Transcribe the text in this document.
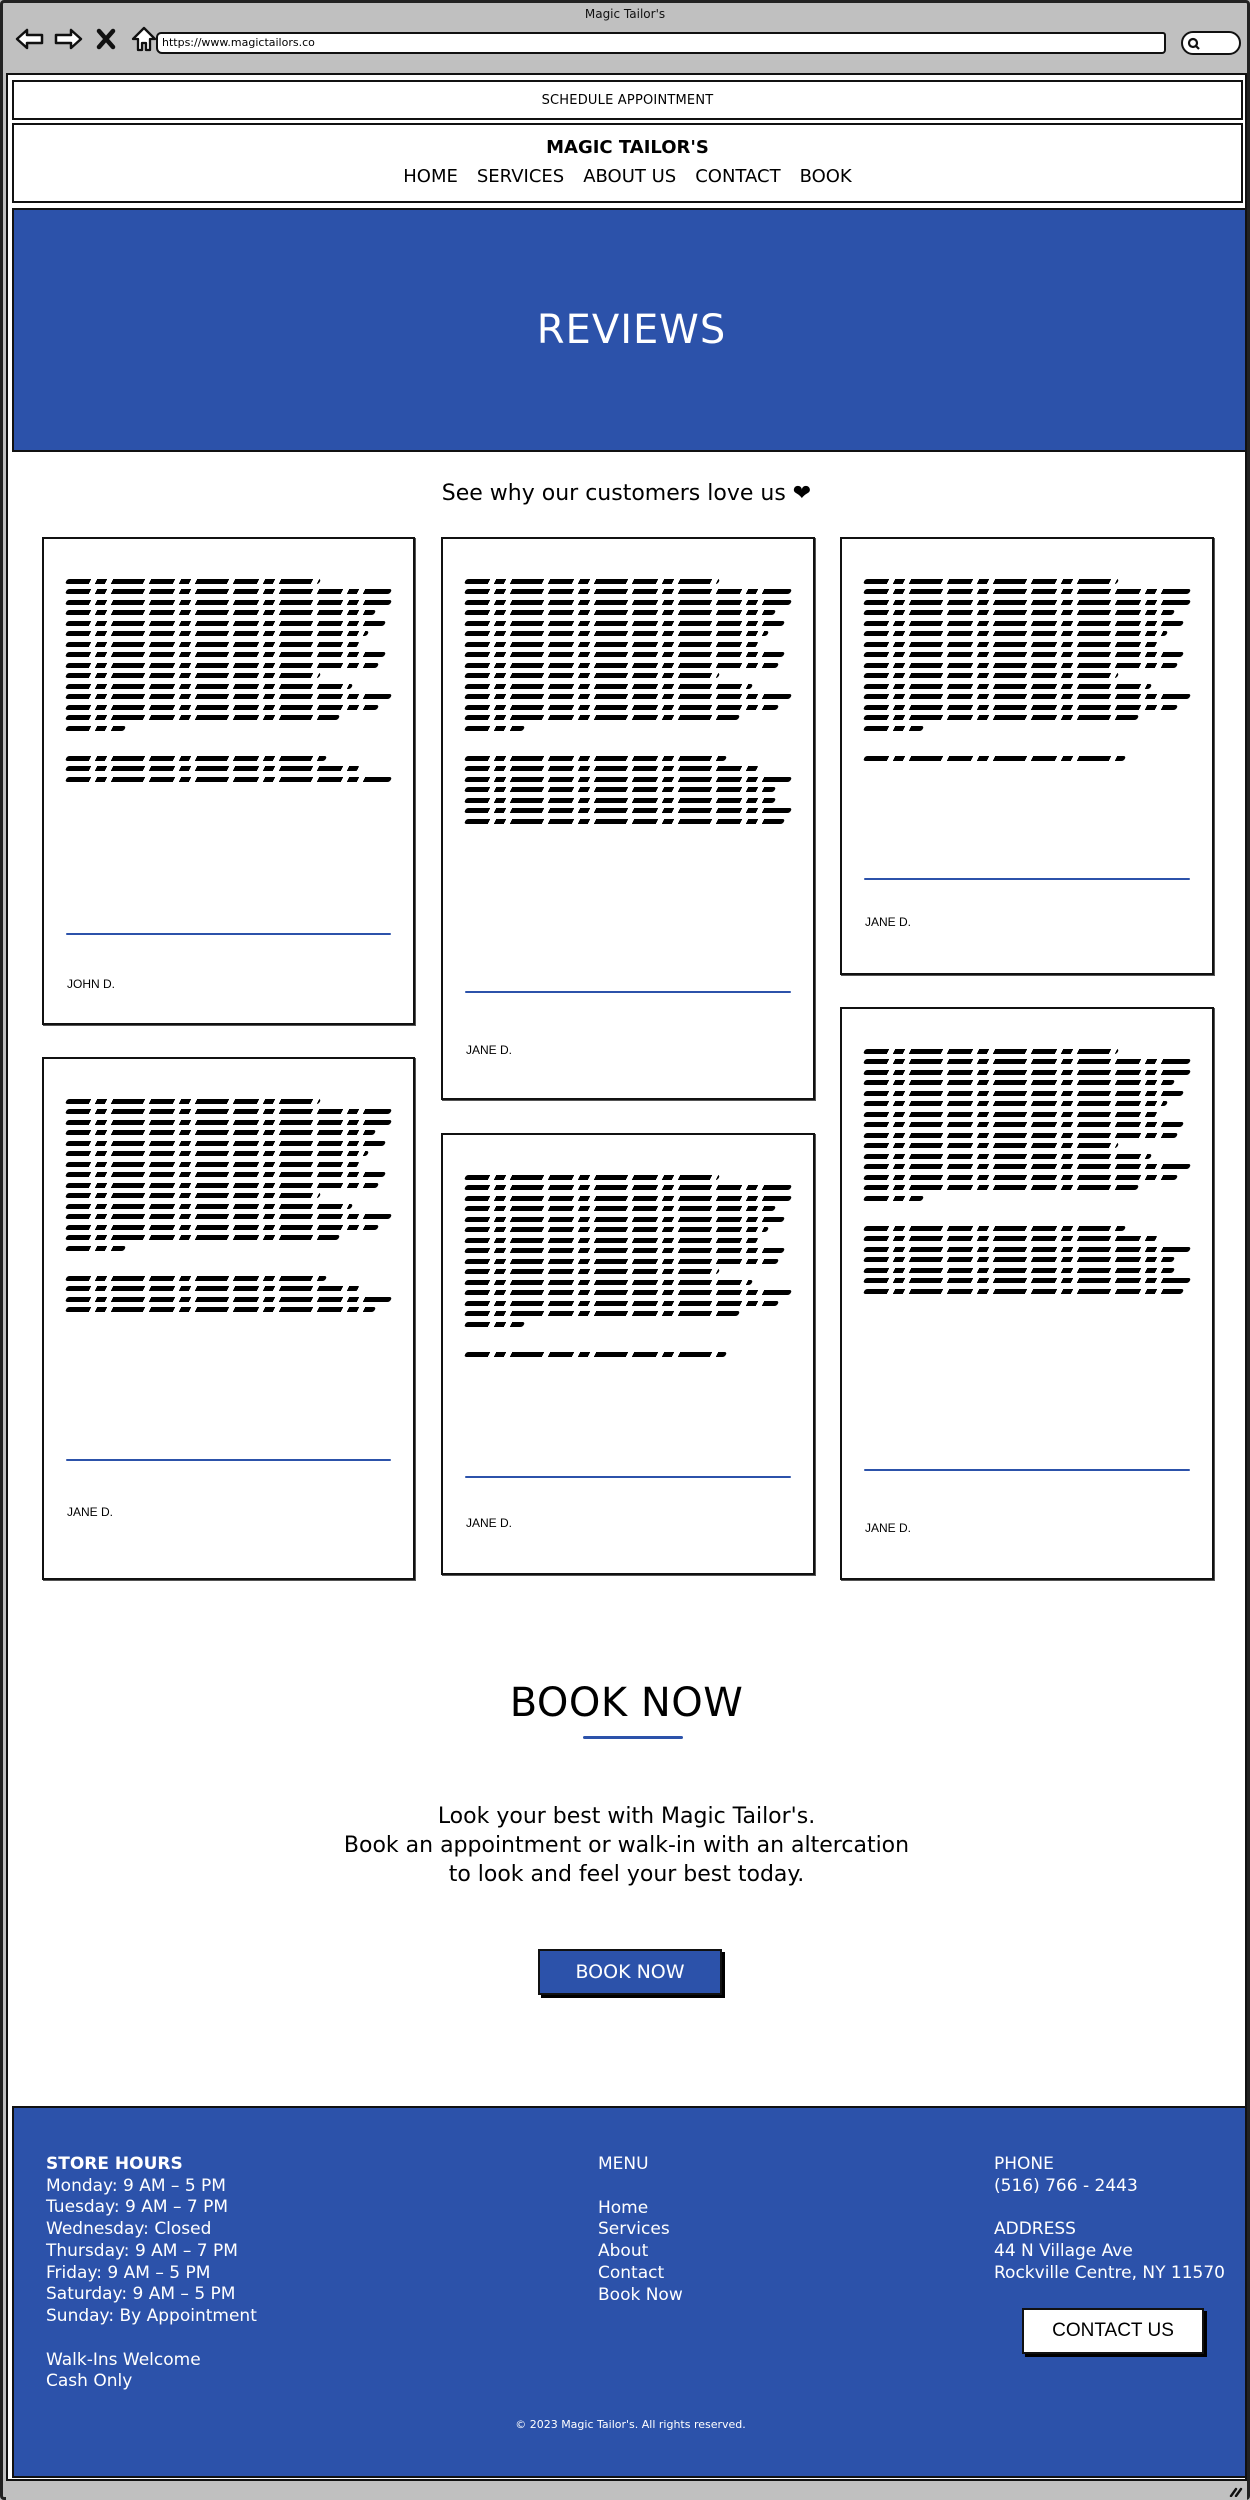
Magic Tailor's
https://www.magictailors.co
SCHEDULE APPOINTMENT
MAGIC TAILOR'S
HOME SERVICES ABOUT US CONTACT BOOK
REVIEWS
See why our customers love us ❤
JOHN D.
JANE D.
JANE D.
JANE D.
JANE D.	JANE D.
BOOK NOW
Look your best with Magic Tailor's.
Book an appointment or walk-in with an altercation
to look and feel your best today.
BOOK NOW
STORE HOURS
Monday: 9 AM – 5 PM
Tuesday: 9 AM – 7 PM
Wednesday: Closed
Thursday: 9 AM – 7 PM
Friday: 9 AM – 5 PM
Saturday: 9 AM – 5 PM
Sunday: By Appointment
Walk-Ins Welcome
Cash Only
MENU
Home
Services
About
Contact
Book Now
PHONE
(516) 766 - 2443
ADDRESS
44 N Village Ave
Rockville Centre, NY 11570
CONTACT US
© 2023 Magic Tailor's. All rights reserved.
